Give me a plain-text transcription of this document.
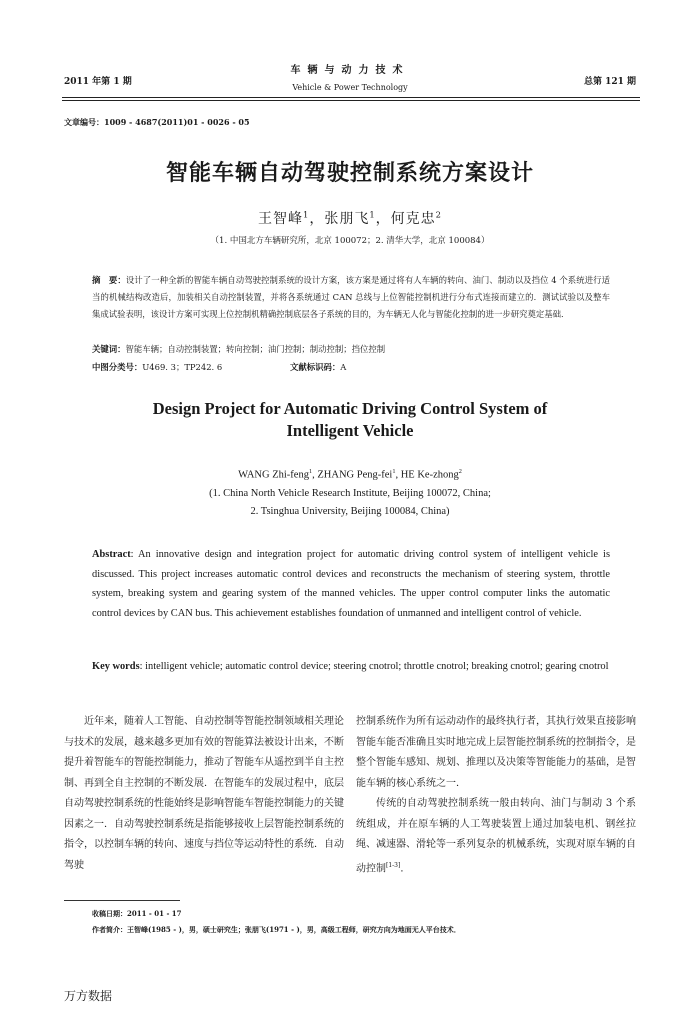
2011 年第 1 期
车辆与动力技术
Vehicle & Power Technology
总第 121 期
文章编号：1009 - 4687(2011)01 - 0026 - 05
智能车辆自动驾驶控制系统方案设计
王智峰$^1$，张朋飞$^1$，何克忠$^2$
（1. 中国北方车辆研究所，北京 100072；2. 清华大学，北京 100084）
摘　要：设计了一种全新的智能车辆自动驾驶控制系统的设计方案，该方案是通过将有人车辆的转向、油门、制动以及挡位 4 个系统进行适当的机械结构改造后，加装相关自动控制装置，并将各系统通过 CAN 总线与上位智能控制机进行分布式连接而建立的．测试试验以及整车集成试验表明，该设计方案可实现上位控制机精确控制底层各子系统的目的，为车辆无人化与智能化控制的进一步研究奠定基础．
关键词：智能车辆；自动控制装置；转向控制；油门控制；制动控制；挡位控制
中图分类号：U469. 3；TP242. 6	文献标识码：A
Design Project for Automatic Driving Control System of Intelligent Vehicle
WANG Zhi-feng$^1$, ZHANG Peng-fei$^1$, HE Ke-zhong$^2$
(1. China North Vehicle Research Institute, Beijing 100072, China;
2. Tsinghua University, Beijing 100084, China)
Abstract: An innovative design and integration project for automatic driving control system of intelligent vehicle is discussed. This project increases automatic control devices and reconstructs the mechanism of steering system, throttle system, breaking system and gearing system of the manned vehicles. The upper control computer links the automatic control devices by CAN bus. This achievement establishes foundation of unmanned and intelligent control of vehicle.
Key words: intelligent vehicle; automatic control device; steering cnotrol; throttle cnotrol; breaking cnotrol; gearing cnotrol

近年来，随着人工智能、自动控制等智能控制领域相关理论与技术的发展，越来越多更加有效的智能算法被设计出来，不断提升着智能车的智能控制能力，推动了智能车从遥控到半自主控制、再到全自主控制的不断发展．在智能车的发展过程中，底层自动驾驶控制系统的性能始终是影响智能车智能控制能力的关键因素之一．自动驾驶控制系统是指能够接收上层智能控制系统的指令，以控制车辆的转向、速度与挡位等运动特性的系统．自动驾驶

控制系统作为所有运动动作的最终执行者，其执行效果直接影响智能车能否准确且实时地完成上层智能控制系统的控制指令，是整个智能车感知、规划、推理以及决策等智能能力的基础，是智能车辆的核心系统之一．

传统的自动驾驶控制系统一般由转向、油门与制动 3 个系统组成，并在原车辆的人工驾驶装置上通过加装电机、钢丝拉绳、减速器、滑轮等一系列复杂的机械系统，实现对原车辆的自动控制[1-3]．

收稿日期：2011 - 01 - 17
作者简介：王智峰(1985 - )，男，硕士研究生；张朋飞(1971 - )，男，高级工程师，研究方向为地面无人平台技术．
万方数据
